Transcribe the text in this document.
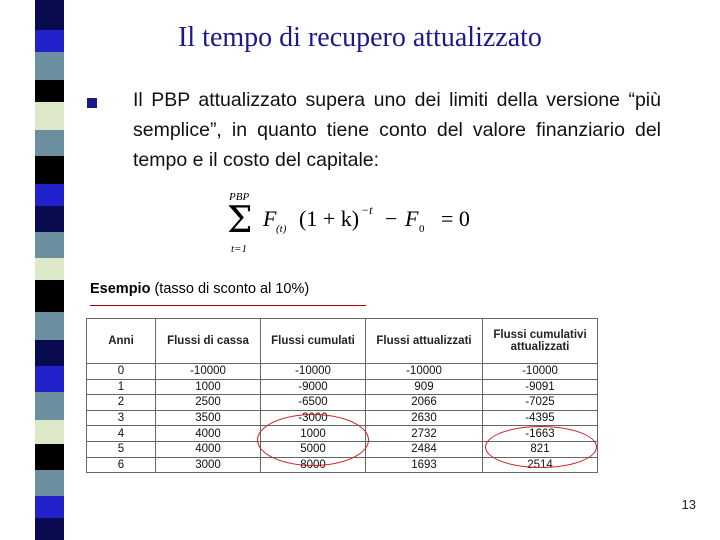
Il tempo di recupero attualizzato
Il PBP attualizzato supera uno dei limiti della versione “più semplice”, in quanto tiene conto del valore finanziario del tempo e il costo del capitale:
PBP
Σ
t=1
F (t) (1 + k) −t − F 0 = 0
Esempio (tasso di sconto al 10%)
Anni	Flussi di cassa	Flussi cumulati	Flussi attualizzati	Flussi cumulativi attualizzati
0	-10000	-10000	-10000	-10000
1	1000	-9000	909	-9091
2	2500	-6500	2066	-7025
3	3500	-3000	2630	-4395
4	4000	1000	2732	-1663
5	4000	5000	2484	821
6	3000	8000	1693	2514
13
